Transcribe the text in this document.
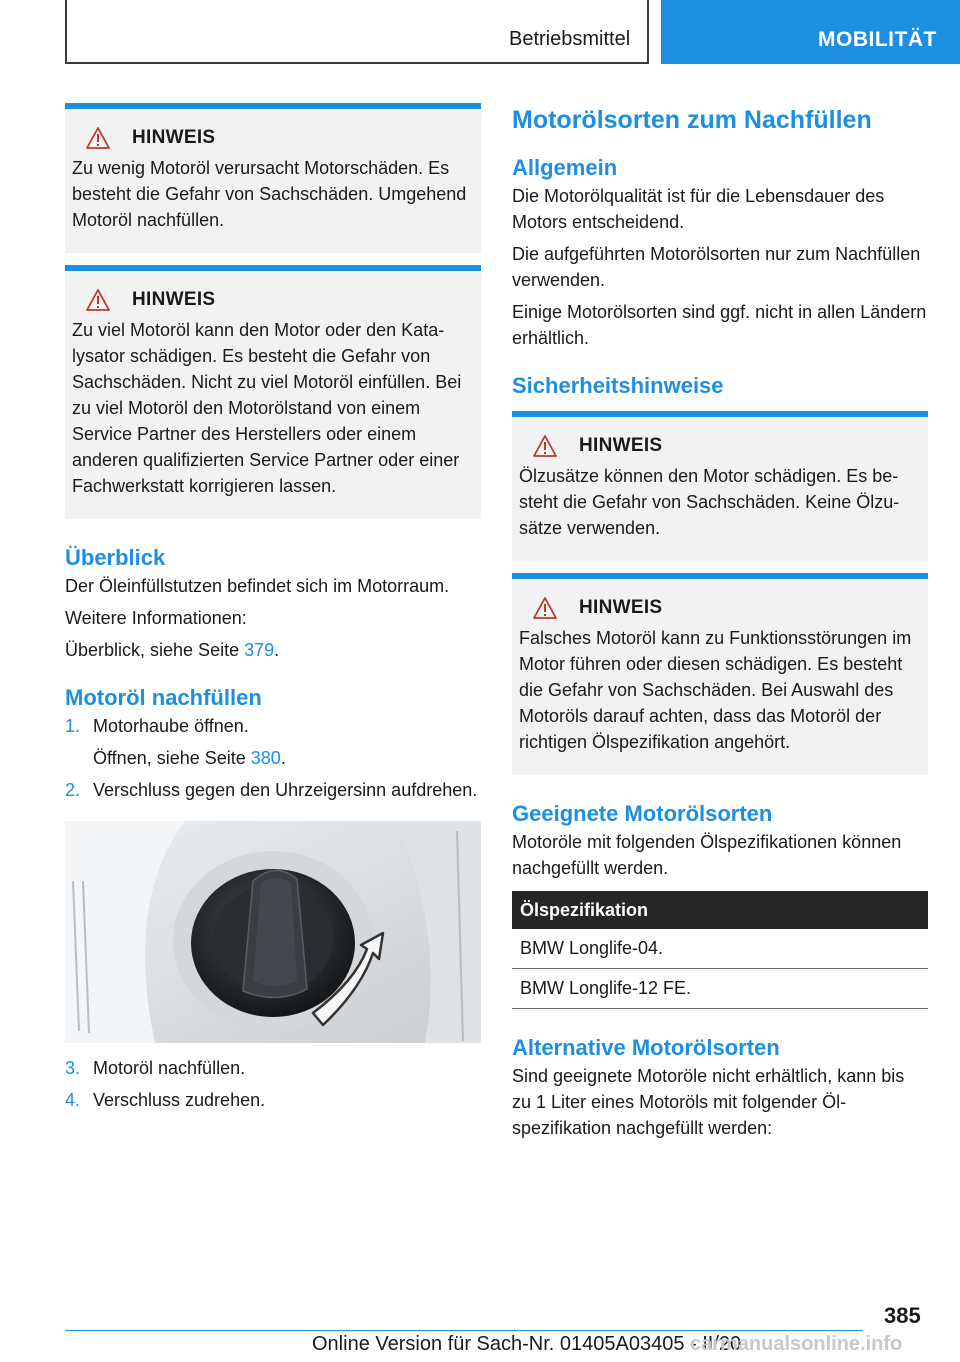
Betriebsmittel	MOBILITÄT
HINWEIS

Zu wenig Motoröl verursacht Motorschäden. Es besteht die Gefahr von Sachschäden. Umgehend Motoröl nachfüllen.

HINWEIS

Zu viel Motoröl kann den Motor oder den Katalysator schädigen. Es besteht die Gefahr von Sachschäden. Nicht zu viel Motoröl einfüllen. Bei zu viel Motoröl den Motorölstand von einem Service Partner des Herstellers oder einem anderen qualifizierten Service Partner oder einer Fachwerkstatt korrigieren lassen.

Überblick

Der Öleinfüllstutzen befindet sich im Motorraum.

Weitere Informationen:

Überblick, siehe Seite 379.

Motoröl nachfüllen
1. Motorhaube öffnen.
Öffnen, siehe Seite 380.
2. Verschluss gegen den Uhrzeigersinn aufdrehen.
3. Motoröl nachfüllen.
4. Verschluss zudrehen.
Motorölsorten zum Nachfüllen
Allgemein

Die Motorölqualität ist für die Lebensdauer des Motors entscheidend.

Die aufgeführten Motorölsorten nur zum Nachfüllen verwenden.

Einige Motorölsorten sind ggf. nicht in allen Ländern erhältlich.

Sicherheitshinweise
HINWEIS

Ölzusätze können den Motor schädigen. Es besteht die Gefahr von Sachschäden. Keine Ölzusätze verwenden.

HINWEIS

Falsches Motoröl kann zu Funktionsstörungen im Motor führen oder diesen schädigen. Es besteht die Gefahr von Sachschäden. Bei Auswahl des Motoröls darauf achten, dass das Motoröl der richtigen Ölspezifikation angehört.

Geeignete Motorölsorten

Motoröle mit folgenden Ölspezifikationen können nachgefüllt werden.

Ölspezifikation
BMW Longlife-04.
BMW Longlife-12 FE.
Alternative Motorölsorten

Sind geeignete Motoröle nicht erhältlich, kann bis zu 1 Liter eines Motoröls mit folgender Ölspezifikation nachgefüllt werden:

385
Online Version für Sach-Nr. 01405A03405 - II/20
carmanualsonline.info
